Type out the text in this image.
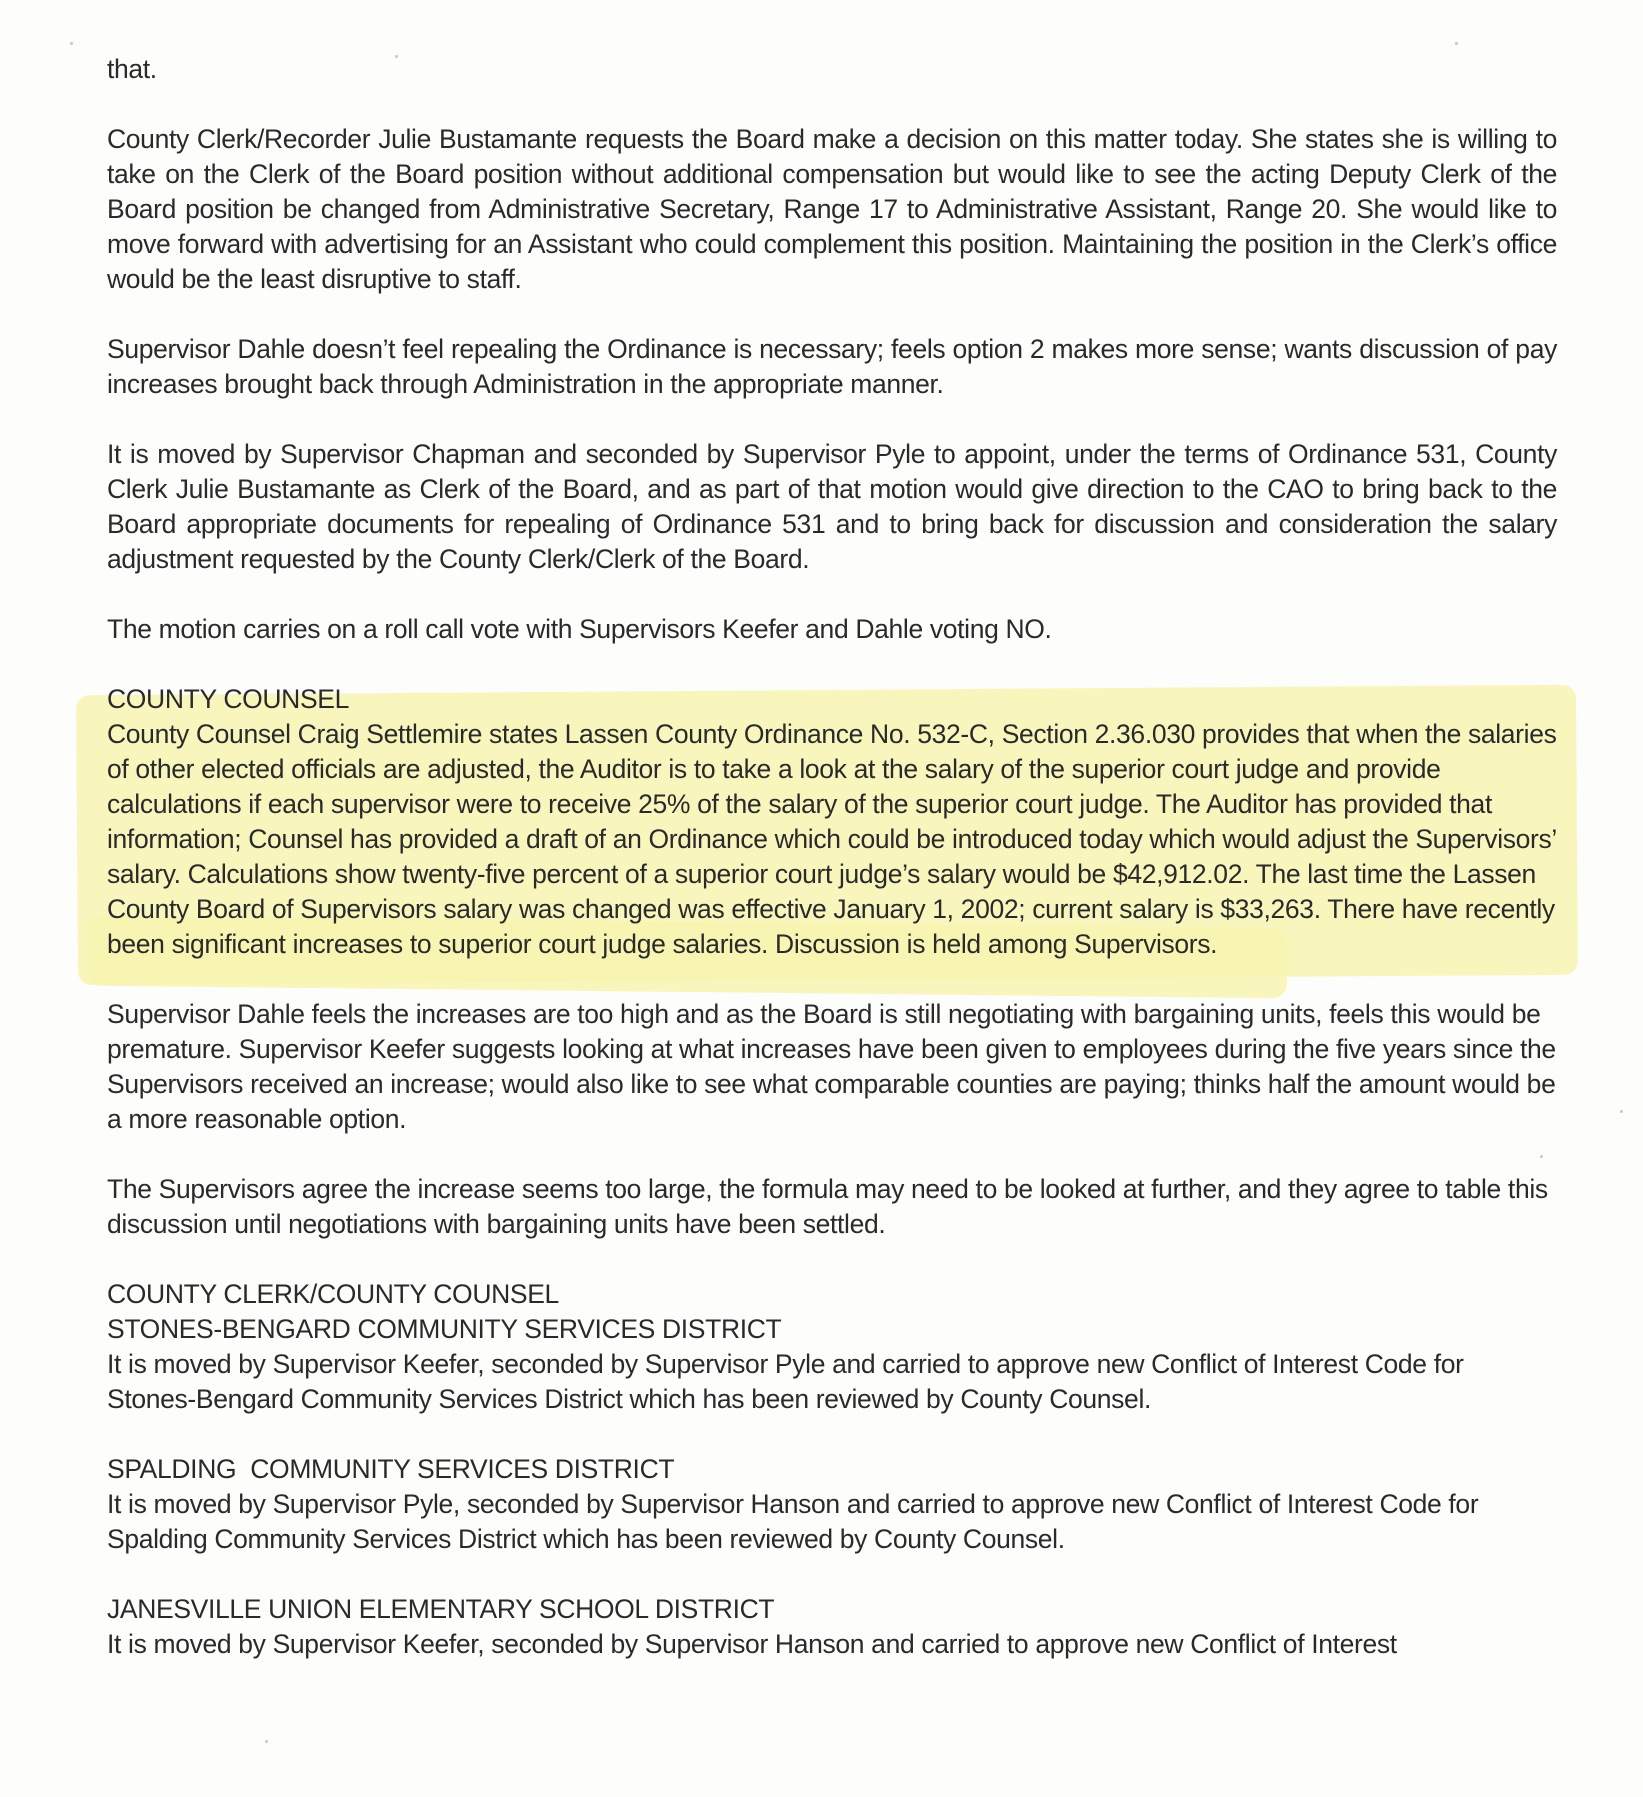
that.

County Clerk/Recorder Julie Bustamante requests the Board make a decision on this matter today. She states she is willing to take on the Clerk of the Board position without additional compensation but would like to see the acting Deputy Clerk of the Board position be changed from Administrative Secretary, Range 17 to Administrative Assistant, Range 20. She would like to move forward with advertising for an Assistant who could complement this position. Maintaining the position in the Clerk’s office would be the least disruptive to staff.

Supervisor Dahle doesn’t feel repealing the Ordinance is necessary; feels option 2 makes more sense; wants discussion of pay increases brought back through Administration in the appropriate manner.

It is moved by Supervisor Chapman and seconded by Supervisor Pyle to appoint, under the terms of Ordinance 531, County Clerk Julie Bustamante as Clerk of the Board, and as part of that motion would give direction to the CAO to bring back to the Board appropriate documents for repealing of Ordinance 531 and to bring back for discussion and consideration the salary adjustment requested by the County Clerk/Clerk of the Board.

The motion carries on a roll call vote with Supervisors Keefer and Dahle voting NO.

COUNTY COUNSEL

County Counsel Craig Settlemire states Lassen County Ordinance No. 532-C, Section 2.36.030 provides that when the salaries of other elected officials are adjusted, the Auditor is to take a look at the salary of the superior court judge and provide calculations if each supervisor were to receive 25% of the salary of the superior court judge. The Auditor has provided that information; Counsel has provided a draft of an Ordinance which could be introduced today which would adjust the Supervisors’ salary. Calculations show twenty-five percent of a superior court judge’s salary would be $42,912.02. The last time the Lassen County Board of Supervisors salary was changed was effective January 1, 2002; current salary is $33,263. There have recently been significant increases to superior court judge salaries. Discussion is held among Supervisors.

Supervisor Dahle feels the increases are too high and as the Board is still negotiating with bargaining units, feels this would be premature. Supervisor Keefer suggests looking at what increases have been given to employees during the five years since the Supervisors received an increase; would also like to see what comparable counties are paying; thinks half the amount would be a more reasonable option.

The Supervisors agree the increase seems too large, the formula may need to be looked at further, and they agree to table this discussion until negotiations with bargaining units have been settled.

COUNTY CLERK/COUNTY COUNSEL

STONES-BENGARD COMMUNITY SERVICES DISTRICT

It is moved by Supervisor Keefer, seconded by Supervisor Pyle and carried to approve new Conflict of Interest Code for Stones-Bengard Community Services District which has been reviewed by County Counsel.

SPALDING  COMMUNITY SERVICES DISTRICT

It is moved by Supervisor Pyle, seconded by Supervisor Hanson and carried to approve new Conflict of Interest Code for Spalding Community Services District which has been reviewed by County Counsel.

JANESVILLE UNION ELEMENTARY SCHOOL DISTRICT

It is moved by Supervisor Keefer, seconded by Supervisor Hanson and carried to approve new Conflict of Interest
